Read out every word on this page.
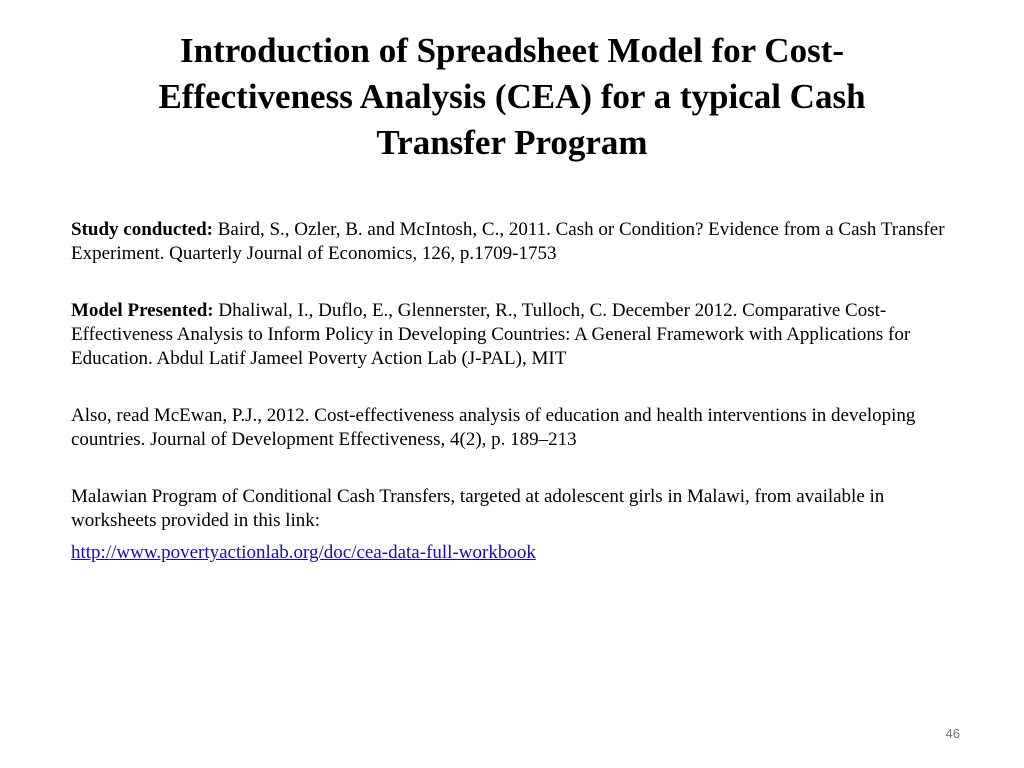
Introduction of Spreadsheet Model for Cost-
Effectiveness Analysis (CEA) for a typical Cash
Transfer Program

Study conducted: Baird, S., Ozler, B. and McIntosh, C., 2011. Cash or Condition? Evidence from a Cash Transfer Experiment. Quarterly Journal of Economics, 126, p.1709-1753

Model Presented: Dhaliwal, I., Duflo, E., Glennerster, R., Tulloch, C. December 2012. Comparative Cost-Effectiveness Analysis to Inform Policy in Developing Countries: A General Framework with Applications for Education. Abdul Latif Jameel Poverty Action Lab (J-PAL), MIT

Also, read McEwan, P.J., 2012. Cost-effectiveness analysis of education and health interventions in developing countries. Journal of Development Effectiveness, 4(2), p. 189–213

Malawian Program of Conditional Cash Transfers, targeted at adolescent girls in Malawi, from available in worksheets provided in this link:

http://www.povertyactionlab.org/doc/cea-data-full-workbook

46
